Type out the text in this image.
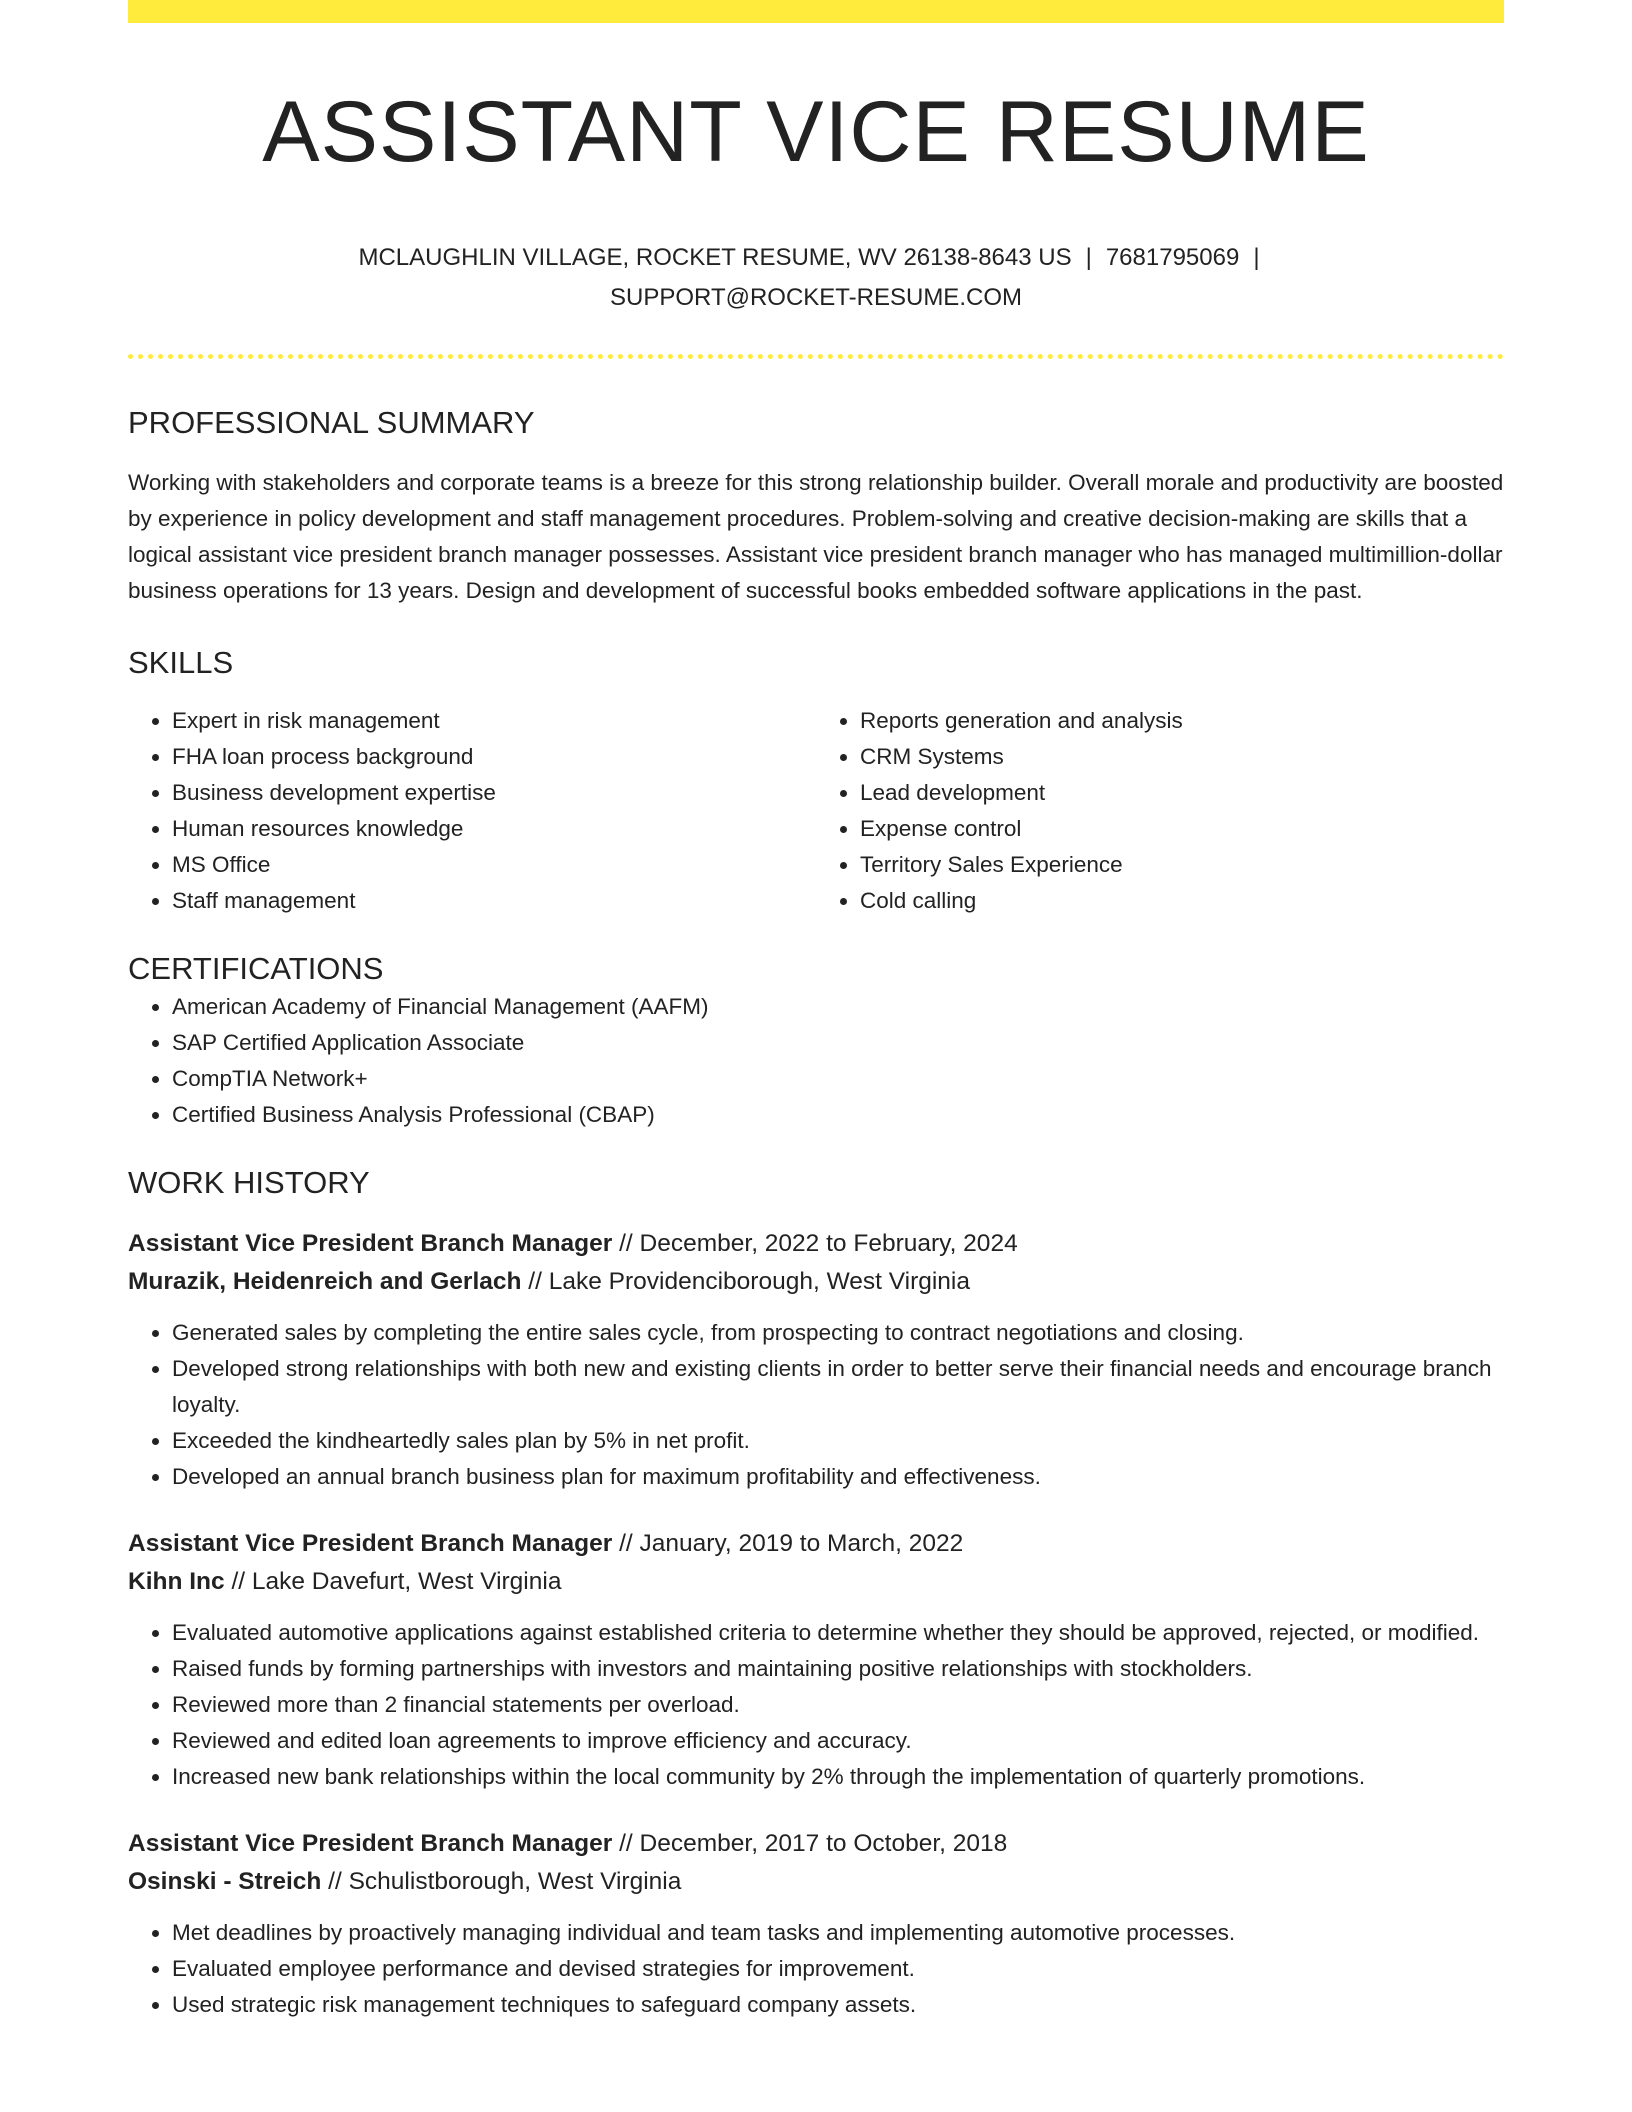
ASSISTANT VICE RESUME
MCLAUGHLIN VILLAGE, ROCKET RESUME, WV 26138-8643 US | 7681795069 |
SUPPORT@ROCKET-RESUME.COM
PROFESSIONAL SUMMARY
Working with stakeholders and corporate teams is a breeze for this strong relationship builder. Overall morale and productivity are boosted by experience in policy development and staff management procedures. Problem-solving and creative decision-making are skills that a logical assistant vice president branch manager possesses. Assistant vice president branch manager who has managed multimillion-dollar business operations for 13 years. Design and development of successful books embedded software applications in the past.
SKILLS
• Expert in risk management
• FHA loan process background
• Business development expertise
• Human resources knowledge
• MS Office
• Staff management
• Reports generation and analysis
• CRM Systems
• Lead development
• Expense control
• Territory Sales Experience
• Cold calling
CERTIFICATIONS
• American Academy of Financial Management (AAFM)
• SAP Certified Application Associate
• CompTIA Network+
• Certified Business Analysis Professional (CBAP)
WORK HISTORY
Assistant Vice President Branch Manager // December, 2022 to February, 2024
Murazik, Heidenreich and Gerlach // Lake Providenciborough, West Virginia
• Generated sales by completing the entire sales cycle, from prospecting to contract negotiations and closing.
• Developed strong relationships with both new and existing clients in order to better serve their financial needs and encourage branch loyalty.
• Exceeded the kindheartedly sales plan by 5% in net profit.
• Developed an annual branch business plan for maximum profitability and effectiveness.
Assistant Vice President Branch Manager // January, 2019 to March, 2022
Kihn Inc // Lake Davefurt, West Virginia
• Evaluated automotive applications against established criteria to determine whether they should be approved, rejected, or modified.
• Raised funds by forming partnerships with investors and maintaining positive relationships with stockholders.
• Reviewed more than 2 financial statements per overload.
• Reviewed and edited loan agreements to improve efficiency and accuracy.
• Increased new bank relationships within the local community by 2% through the implementation of quarterly promotions.
Assistant Vice President Branch Manager // December, 2017 to October, 2018
Osinski - Streich // Schulistborough, West Virginia
• Met deadlines by proactively managing individual and team tasks and implementing automotive processes.
• Evaluated employee performance and devised strategies for improvement.
• Used strategic risk management techniques to safeguard company assets.
